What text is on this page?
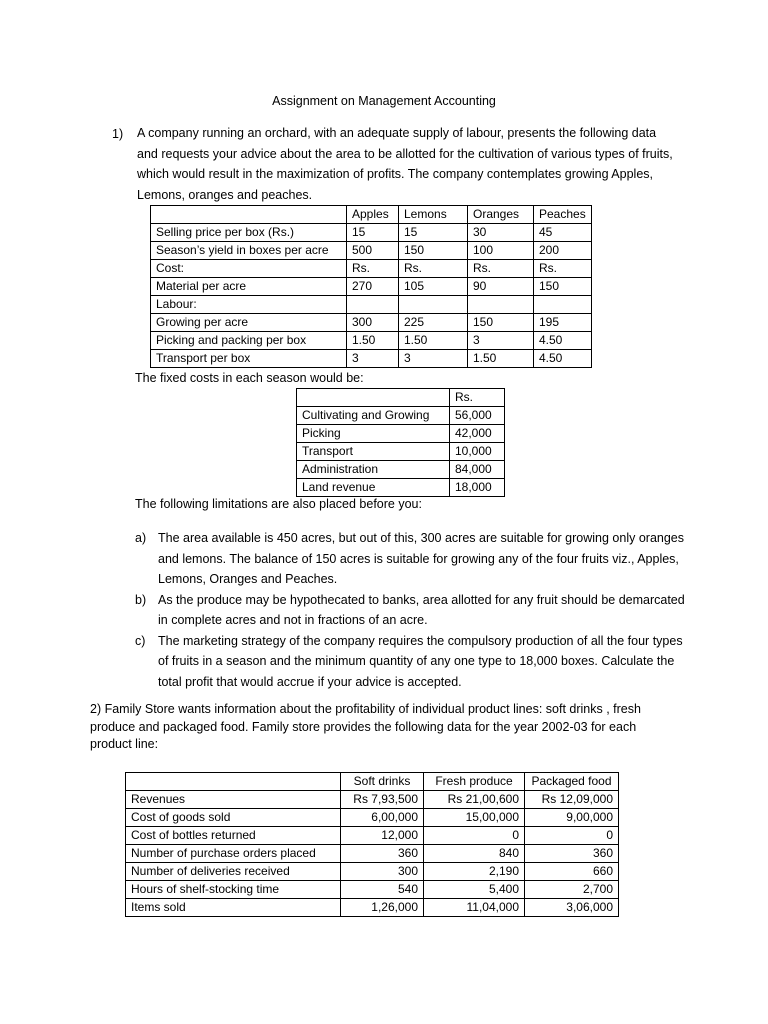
Assignment on Management Accounting
1) A company running an orchard, with an adequate supply of labour, presents the following data and requests your advice about the area to be allotted for the cultivation of various types of fruits, which would result in the maximization of profits. The company contemplates growing Apples, Lemons, oranges and peaches.
	Apples	Lemons	Oranges	Peaches
Selling price per box (Rs.)	15	15	30	45
Season’s yield in boxes per acre	500	150	100	200
Cost:	Rs.	Rs.	Rs.	Rs.
Material per acre	270	105	90	150
Labour:				
Growing per acre	300	225	150	195
Picking and packing per box	1.50	1.50	3	4.50
Transport per box	3	3	1.50	4.50
The fixed costs in each season would be:
	Rs.
Cultivating and Growing	56,000
Picking	42,000
Transport	10,000
Administration	84,000
Land revenue	18,000
The following limitations are also placed before you:
a) The area available is 450 acres, but out of this, 300 acres are suitable for growing only oranges and lemons. The balance of 150 acres is suitable for growing any of the four fruits viz., Apples, Lemons, Oranges and Peaches.
b) As the produce may be hypothecated to banks, area allotted for any fruit should be demarcated in complete acres and not in fractions of an acre.
c) The marketing strategy of the company requires the compulsory production of all the four types of fruits in a season and the minimum quantity of any one type to 18,000 boxes. Calculate the total profit that would accrue if your advice is accepted.
2) Family Store wants information about the profitability of individual product lines: soft drinks , fresh produce and packaged food. Family store provides the following data for the year 2002-03 for each product line:
	Soft drinks	Fresh produce	Packaged food
Revenues	Rs 7,93,500	Rs 21,00,600	Rs 12,09,000
Cost of goods sold	6,00,000	15,00,000	9,00,000
Cost of bottles returned	12,000	0	0
Number of purchase orders placed	360	840	360
Number of deliveries received	300	2,190	660
Hours of shelf-stocking time	540	5,400	2,700
Items sold	1,26,000	11,04,000	3,06,000
